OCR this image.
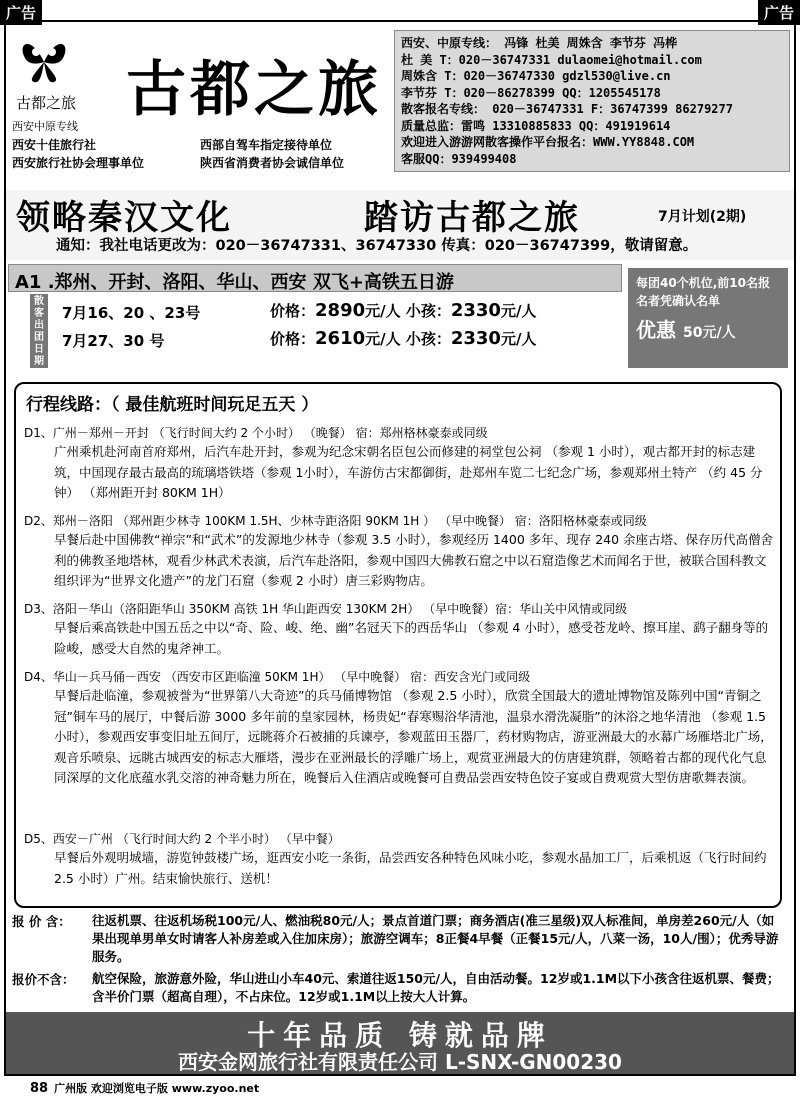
广告	广告
古都之旅 古都之旅
西安中原专线
西安十佳旅行社
西安旅行社协会理事单位
西部自驾车指定接待单位
陕西省消费者协会诚信单位
西安、中原专线： 冯锋 杜美 周姝含 李节芬 冯桦
杜 美 T：020－36747331 dulaomei@hotmail.com
周姝含 T：020－36747330 gdzl530@live.cn
李节芬 T：020－86278399 QQ：1205545178
散客报名专线： 020－36747331 F：36747399 86279277
质量总监：雷鸣 13310885833 QQ：491919614
欢迎进入游游网散客操作平台报名：WWW.YY8848.COM
客服QQ：939499408
领略秦汉文化	踏访古都之旅	7月计划(2期)
通知：我社电话更改为：020－36747331、36747330 传真：020－36747399，敬请留意。
A1 .郑州、开封、洛阳、华山、西安 双飞+高铁五日游
散客出团日期
7月16、20 、23号	价格：2890元/人 小孩：2330元/人
7月27、30 号	价格：2610元/人 小孩：2330元/人
每团40个机位,前10名报名者凭确认名单
优惠 50元/人
行程线路：（ 最佳航班时间玩足五天 ）
D1、广州－郑州－开封 （飞行时间大约 2 个小时） （晚餐） 宿：郑州格林豪泰或同级
广州乘机赴河南首府郑州，后汽车赴开封，参观为纪念宋朝名臣包公而修建的祠堂包公祠 （参观 1 小时），观古都开封的标志建筑，中国现存最古最高的琉璃塔铁塔（参观 1小时），车游仿古宋都御街，赴郑州车览二七纪念广场，参观郑州土特产 （约 45 分钟） （郑州距开封 80KM 1H）
D2、郑州－洛阳 （郑州距少林寺 100KM 1.5H、少林寺距洛阳 90KM 1H ） （早中晚餐） 宿：洛阳格林豪泰或同级
早餐后赴中国佛教“禅宗”和“武术”的发源地少林寺（参观 3.5 小时），参观经历 1400 多年、现存 240 余座古塔、保存历代高僧舍利的佛教圣地塔林，观看少林武术表演，后汽车赴洛阳，参观中国四大佛教石窟之中以石窟造像艺术而闻名于世，被联合国科教文组织评为“世界文化遗产”的龙门石窟（参观 2 小时）唐三彩购物店。
D3、洛阳－华山（洛阳距华山 350KM 高铁 1H 华山距西安 130KM 2H） （早中晚餐）宿：华山关中风情或同级
早餐后乘高铁赴中国五岳之中以“奇、险、峻、绝、幽”名冠天下的西岳华山 （参观 4 小时），感受苍龙岭、擦耳崖、鹞子翻身等的险峻，感受大自然的鬼斧神工。
D4、华山－兵马俑－西安 （西安市区距临潼 50KM 1H） （早中晚餐） 宿：西安含光门或同级
早餐后赴临潼，参观被誉为“世界第八大奇迹”的兵马俑博物馆 （参观 2.5 小时），欣赏全国最大的遗址博物馆及陈列中国“青铜之冠”铜车马的展厅，中餐后游 3000 多年前的皇家园林，杨贵妃“春寒赐浴华清池，温泉水滑洗凝脂”的沐浴之地华清池 （参观 1.5 小时），参观西安事变旧址五间厅，远眺蒋介石被捕的兵谏亭，参观蓝田玉器厂，药材购物店，游亚洲最大的水幕广场雁塔北广场，观音乐喷泉、远眺古城西安的标志大雁塔，漫步在亚洲最长的浮雕广场上，观赏亚洲最大的仿唐建筑群，领略着古都的现代化气息同深厚的文化底蕴水乳交溶的神奇魅力所在，晚餐后入住酒店或晚餐可自费品尝西安特色饺子宴或自费观赏大型仿唐歌舞表演。
D5、西安－广州 （飞行时间大约 2 个半小时） （早中餐）
早餐后外观明城墙，游览钟鼓楼广场，逛西安小吃一条街，品尝西安各种特色风味小吃，参观水晶加工厂，后乘机返（飞行时间约 2.5 小时）广州。结束愉快旅行、送机！
报 价 含： 往返机票、往返机场税100元/人、燃油税80元/人；景点首道门票；商务酒店(准三星级)双人标准间，单房差260元/人（如果出现单男单女时请客人补房差或入住加床房）；旅游空调车；8正餐4早餐（正餐15元/人，八菜一汤，10人/围）；优秀导游服务。
报价不含： 航空保险，旅游意外险，华山进山小车40元、索道往返150元/人，自由活动餐。12岁或1.1M以下小孩含往返机票、餐费；含半价门票（超高自理），不占床位。12岁或1.1M以上按大人计算。
十年品质 铸就品牌
西安金网旅行社有限责任公司 L-SNX-GN00230
88 广州版 欢迎浏览电子版 www.zyoo.net
